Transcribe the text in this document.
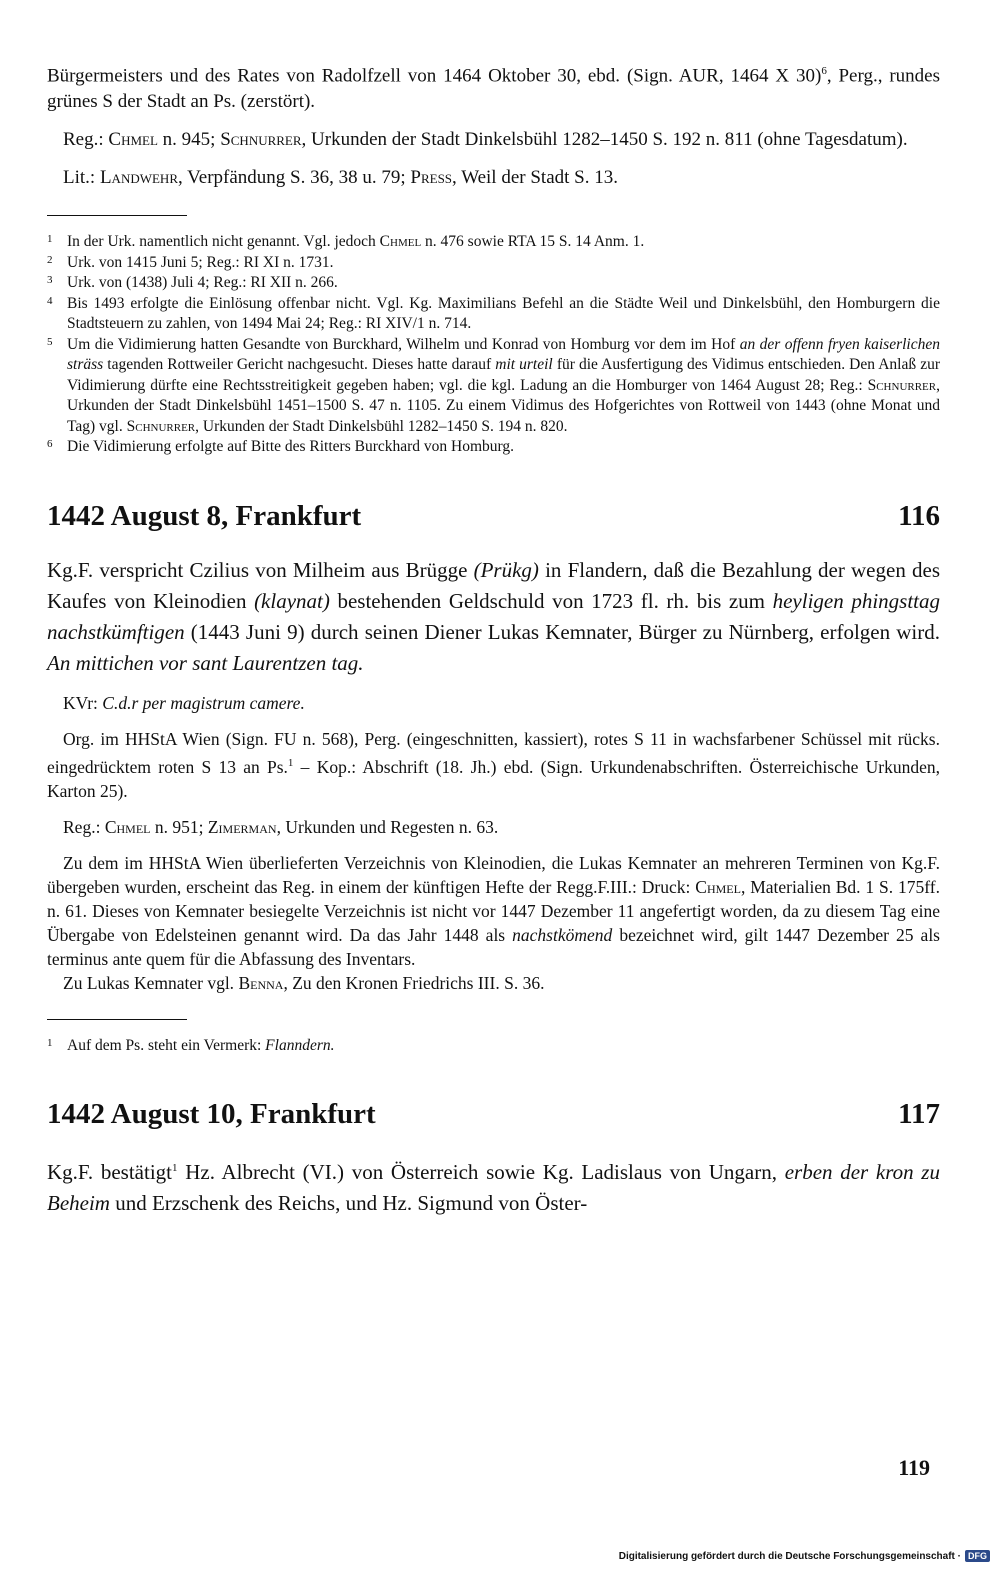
Bürgermeisters und des Rates von Radolfzell von 1464 Oktober 30, ebd. (Sign. AUR, 1464 X 30)$^6$, Perg., rundes grünes S der Stadt an Ps. (zerstört).

Reg.: Chmel n. 945; Schnurrer, Urkunden der Stadt Dinkelsbühl 1282–1450 S. 192 n. 811 (ohne Tagesdatum).

Lit.: Landwehr, Verpfändung S. 36, 38 u. 79; Press, Weil der Stadt S. 13.

1 In der Urk. namentlich nicht genannt. Vgl. jedoch Chmel n. 476 sowie RTA 15 S. 14 Anm. 1.
2 Urk. von 1415 Juni 5; Reg.: RI XI n. 1731.
3 Urk. von (1438) Juli 4; Reg.: RI XII n. 266.
4 Bis 1493 erfolgte die Einlösung offenbar nicht. Vgl. Kg. Maximilians Befehl an die Städte Weil und Dinkelsbühl, den Homburgern die Stadtsteuern zu zahlen, von 1494 Mai 24; Reg.: RI XIV/1 n. 714.
5 Um die Vidimierung hatten Gesandte von Burckhard, Wilhelm und Konrad von Homburg vor dem im Hof an der offenn fryen kaiserlichen sträss tagenden Rottweiler Gericht nachgesucht. Dieses hatte darauf mit urteil für die Ausfertigung des Vidimus entschieden. Den Anlaß zur Vidimierung dürfte eine Rechtsstreitigkeit gegeben haben; vgl. die kgl. Ladung an die Homburger von 1464 August 28; Reg.: Schnurrer, Urkunden der Stadt Dinkelsbühl 1451–1500 S. 47 n. 1105. Zu einem Vidimus des Hofgerichtes von Rottweil von 1443 (ohne Monat und Tag) vgl. Schnurrer, Urkunden der Stadt Dinkelsbühl 1282–1450 S. 194 n. 820.
6 Die Vidimierung erfolgte auf Bitte des Ritters Burckhard von Homburg.
1442 August 8, Frankfurt	116

Kg.F. verspricht Czilius von Milheim aus Brügge (Prükg) in Flandern, daß die Bezahlung der wegen des Kaufes von Kleinodien (klaynat) bestehenden Geldschuld von 1723 fl. rh. bis zum heyligen phingsttag nachstkümftigen (1443 Juni 9) durch seinen Diener Lukas Kemnater, Bürger zu Nürnberg, erfolgen wird. An mittichen vor sant Laurentzen tag.

KVr: C.d.r per magistrum camere.

Org. im HHStA Wien (Sign. FU n. 568), Perg. (eingeschnitten, kassiert), rotes S 11 in wachsfarbener Schüssel mit rücks. eingedrücktem roten S 13 an Ps.$^1$ – Kop.: Abschrift (18. Jh.) ebd. (Sign. Urkundenabschriften. Österreichische Urkunden, Karton 25).

Reg.: Chmel n. 951; Zimerman, Urkunden und Regesten n. 63.

Zu dem im HHStA Wien überlieferten Verzeichnis von Kleinodien, die Lukas Kemnater an mehreren Terminen von Kg.F. übergeben wurden, erscheint das Reg. in einem der künftigen Hefte der Regg.F.III.: Druck: Chmel, Materialien Bd. 1 S. 175ff. n. 61. Dieses von Kemnater besiegelte Verzeichnis ist nicht vor 1447 Dezember 11 angefertigt worden, da zu diesem Tag eine Übergabe von Edelsteinen genannt wird. Da das Jahr 1448 als nachstkömend bezeichnet wird, gilt 1447 Dezember 25 als terminus ante quem für die Abfassung des Inventars.

Zu Lukas Kemnater vgl. Benna, Zu den Kronen Friedrichs III. S. 36.

1 Auf dem Ps. steht ein Vermerk: Flanndern.
1442 August 10, Frankfurt	117

Kg.F. bestätigt$^1$ Hz. Albrecht (VI.) von Österreich sowie Kg. Ladislaus von Ungarn, erben der kron zu Beheim und Erzschenk des Reichs, und Hz. Sigmund von Öster-

119
Digitalisierung gefördert durch die Deutsche Forschungsgemeinschaft · DFG
